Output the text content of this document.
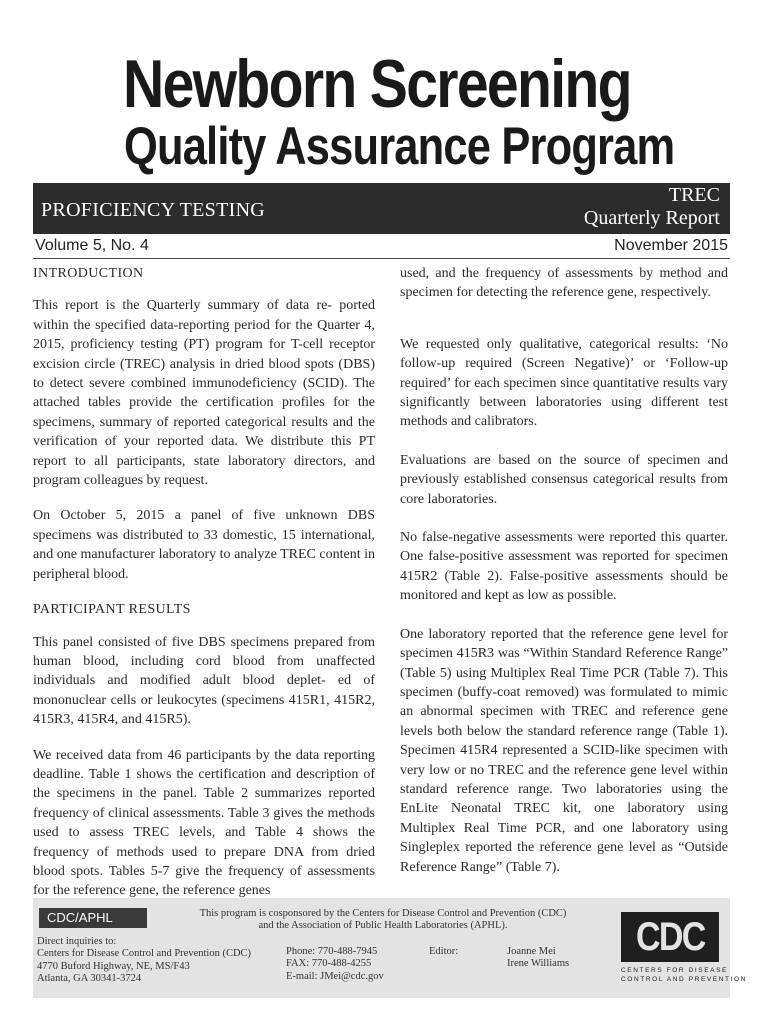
Newborn Screening
Quality Assurance Program
PROFICIENCY TESTING
TREC
Quarterly Report
Volume 5, No. 4	November 2015
INTRODUCTION

This report is the Quarterly summary of data re- ported within the specified data-reporting period for the Quarter 4, 2015, proficiency testing (PT) program for T-cell receptor excision circle (TREC) analysis in dried blood spots (DBS) to detect severe combined immunodeficiency (SCID). The attached tables provide the certification profiles for the specimens, summary of reported categorical results and the verification of your reported data. We distribute this PT report to all participants, state laboratory directors, and program colleagues by request.

On October 5, 2015 a panel of five unknown DBS specimens was distributed to 33 domestic, 15 international, and one manufacturer laboratory to analyze TREC content in peripheral blood.

PARTICIPANT RESULTS

This panel consisted of five DBS specimens prepared from human blood, including cord blood from unaffected individuals and modified adult blood deplet- ed of mononuclear cells or leukocytes (specimens 415R1, 415R2, 415R3, 415R4, and 415R5).

We received data from 46 participants by the data reporting deadline. Table 1 shows the certification and description of the specimens in the panel. Table 2 summarizes reported frequency of clinical assessments. Table 3 gives the methods used to assess TREC levels, and Table 4 shows the frequency of methods used to prepare DNA from dried blood spots. Tables 5-7 give the frequency of assessments for the reference gene, the reference genes

used, and the frequency of assessments by method and specimen for detecting the reference gene, respectively.

We requested only qualitative, categorical results: ‘No follow-up required (Screen Negative)’ or ‘Follow-up required’ for each specimen since quantitative results vary significantly between laboratories using different test methods and calibrators.

Evaluations are based on the source of specimen and previously established consensus categorical results from core laboratories.

No false-negative assessments were reported this quarter. One false-positive assessment was reported for specimen 415R2 (Table 2). False-positive assessments should be monitored and kept as low as possible.

One laboratory reported that the reference gene level for specimen 415R3 was “Within Standard Reference Range” (Table 5) using Multiplex Real Time PCR (Table 7). This specimen (buffy-coat removed) was formulated to mimic an abnormal specimen with TREC and reference gene levels both below the standard reference range (Table 1). Specimen 415R4 represented a SCID-like specimen with very low or no TREC and the reference gene level within standard reference range. Two laboratories using the EnLite Neonatal TREC kit, one laboratory using Multiplex Real Time PCR, and one laboratory using Singleplex reported the reference gene level as “Outside Reference Range” (Table 7).

CDC/APHL	This program is cosponsored by the Centers for Disease Control and Prevention (CDC)
and the Association of Public Health Laboratories (APHL).
Direct inquiries to:
Centers for Disease Control and Prevention (CDC)
4770 Buford Highway, NE, MS/F43
Atlanta, GA 30341-3724
Phone: 770-488-7945
FAX: 770-488-4255
E-mail: JMei@cdc.gov
Editor:	Joanne Mei
Irene Williams
CDC
CENTERS FOR DISEASE
CONTROL AND PREVENTION
